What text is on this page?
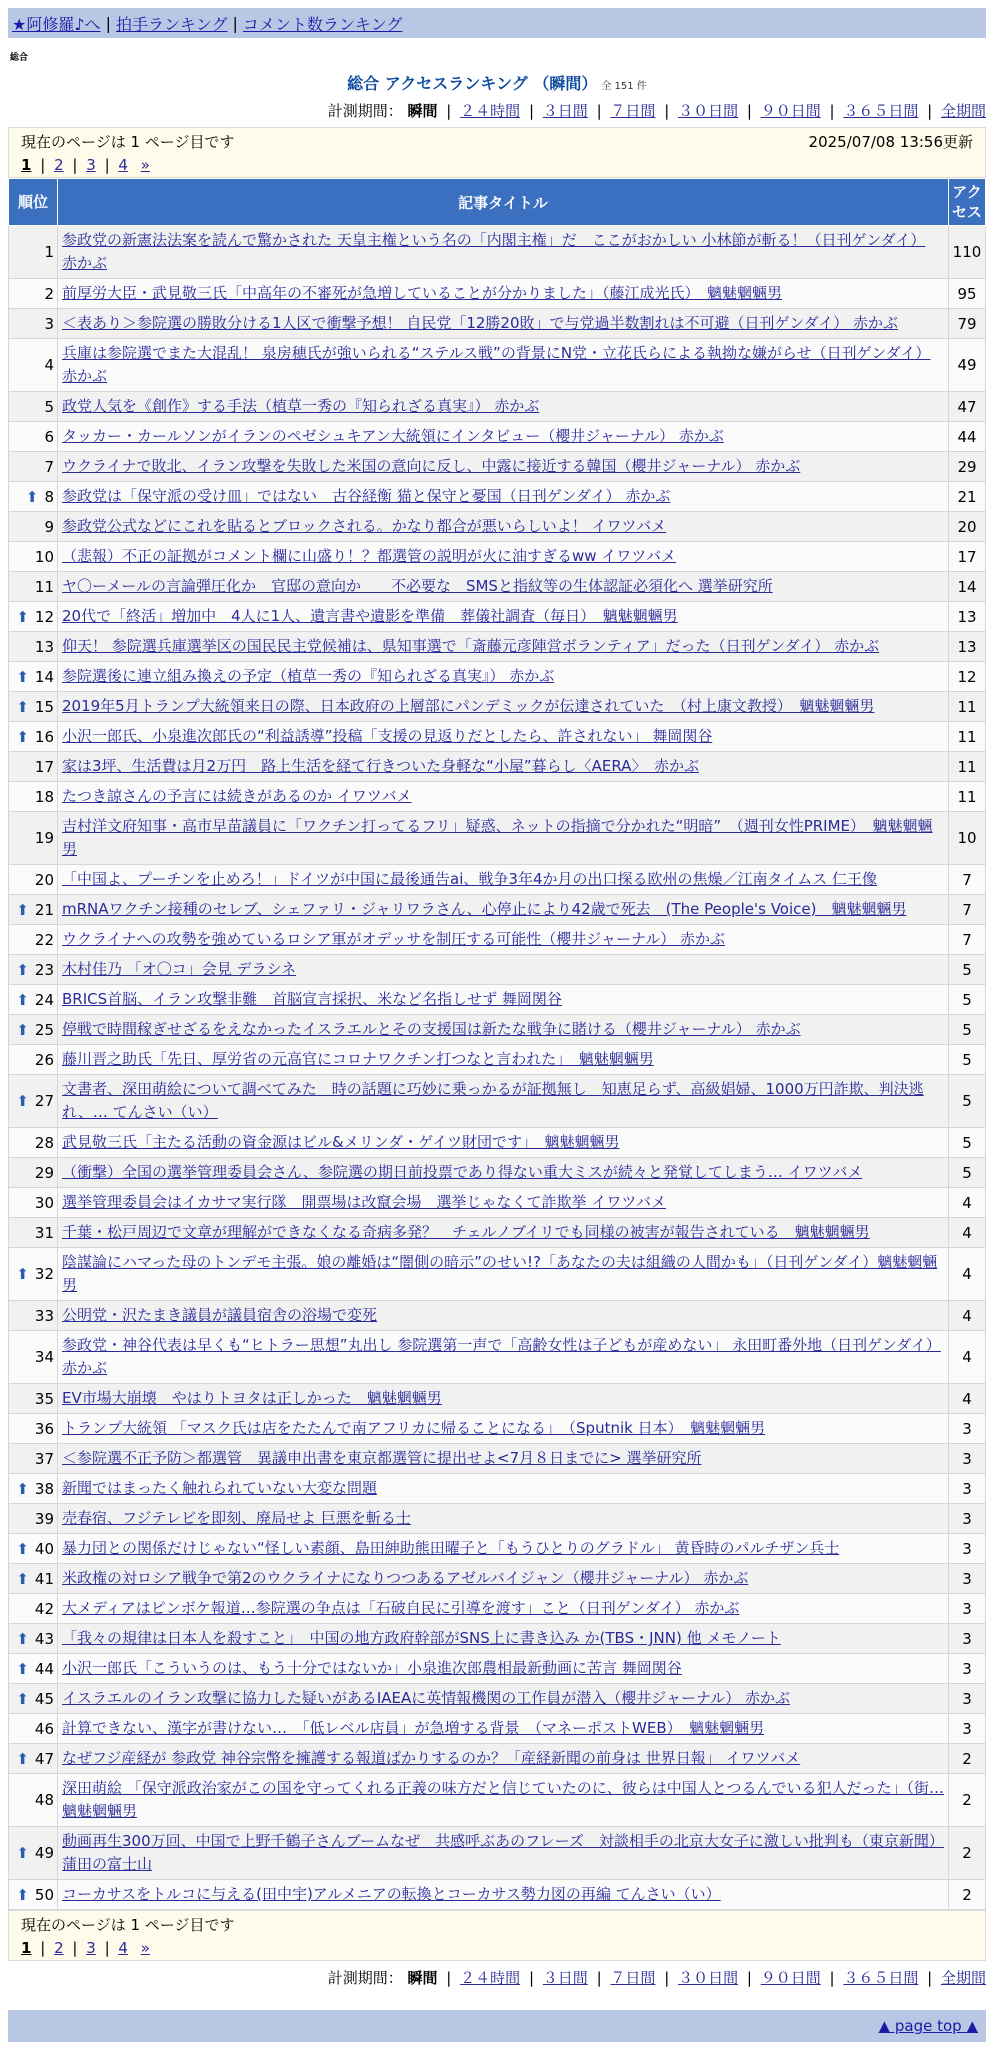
★阿修羅♪へ | 拍手ランキング | コメント数ランキング
総合
総合 アクセスランキング （瞬間） 全 151 件
計測期間： 瞬間 | ２４時間 | ３日間 | ７日間 | ３０日間 | ９０日間 | ３６５日間 | 全期間
現在のページは 1 ページ目です	2025/07/08 13:56更新
1 | 2 | 3 | 4 »
順位	記事タイトル	アクセス
1	参政党の新憲法法案を読んで驚かされた 天皇主権という名の「内閣主権」だ　ここがおかしい 小林節が斬る！（日刊ゲンダイ） 赤かぶ	110
2	前厚労大臣・武見敬三氏「中高年の不審死が急増していることが分かりました」（藤江成光氏）　魑魅魍魎男	95
3	＜表あり＞参院選の勝敗分ける1人区で衝撃予想！ 自民党「12勝20敗」で与党過半数割れは不可避（日刊ゲンダイ） 赤かぶ	79
4	兵庫は参院選でまた大混乱！ 泉房穂氏が強いられる“ステルス戦”の背景にN党・立花氏らによる執拗な嫌がらせ（日刊ゲンダイ） 赤かぶ	49
5	政党人気を《創作》する手法（植草一秀の『知られざる真実』） 赤かぶ	47
6	タッカー・カールソンがイランのペゼシュキアン大統領にインタビュー（櫻井ジャーナル） 赤かぶ	44
7	ウクライナで敗北、イラン攻撃を失敗した米国の意向に反し、中露に接近する韓国（櫻井ジャーナル） 赤かぶ	29
⬆ 8	参政党は「保守派の受け皿」ではない　古谷経衡 猫と保守と憂国（日刊ゲンダイ） 赤かぶ	21
9	参政党公式などにこれを貼るとブロックされる。かなり都合が悪いらしいよ！ イワツバメ	20
10	（悲報）不正の証拠がコメント欄に山盛り！？都選管の説明が火に油すぎるww イワツバメ	17
11	ヤ〇ーメールの言論弾圧化か　官邸の意向か　　不必要な　SMSと指紋等の生体認証必須化へ 選挙研究所	14
⬆ 12	20代で「終活」増加中　4人に1人、遺言書や遺影を準備　葬儀社調査（毎日）　魑魅魍魎男	13
13	仰天！ 参院選兵庫選挙区の国民民主党候補は、県知事選で「斎藤元彦陣営ボランティア」だった（日刊ゲンダイ） 赤かぶ	13
⬆ 14	参院選後に連立組み換えの予定（植草一秀の『知られざる真実』） 赤かぶ	12
⬆ 15	2019年5月トランプ大統領来日の際、日本政府の上層部にパンデミックが伝達されていた　（村上康文教授）　魑魅魍魎男	11
⬆ 16	小沢一郎氏、小泉進次郎氏の“利益誘導”投稿「支援の見返りだとしたら、許されない」 舞岡関谷	11
17	家は3坪、生活費は月2万円　路上生活を経て行きついた身軽な“小屋”暮らし〈AERA〉　赤かぶ	11
18	たつき諒さんの予言には続きがあるのか イワツバメ	11
19	吉村洋文府知事・高市早苗議員に「ワクチン打ってるフリ」疑惑、ネットの指摘で分かれた“明暗”　（週刊女性PRIME）　魑魅魍魎男	10
20	「中国よ、プーチンを止めろ！」ドイツが中国に最後通告ai、戦争3年4か月の出口探る欧州の焦燥／江南タイムス 仁王像	7
⬆ 21	mRNAワクチン接種のセレブ、シェファリ・ジャリワラさん、心停止により42歳で死去　(The People's Voice)　魑魅魍魎男	7
22	ウクライナへの攻勢を強めているロシア軍がオデッサを制圧する可能性（櫻井ジャーナル） 赤かぶ	7
⬆ 23	木村佳乃 「オ〇コ」会見 デラシネ	5
⬆ 24	BRICS首脳、イラン攻撃非難　首脳宣言採択、米など名指しせず 舞岡関谷	5
⬆ 25	停戦で時間稼ぎせざるをえなかったイスラエルとその支援国は新たな戦争に賭ける（櫻井ジャーナル） 赤かぶ	5
26	藤川晋之助氏「先日、厚労省の元高官にコロナワクチン打つなと言われた」　魑魅魍魎男	5
⬆ 27	文書者、深田萌絵について調べてみた　時の話題に巧妙に乗っかるが証拠無し　知恵足らず、高級娼婦、1000万円詐欺、判決逃れ、… てんさい（い）	5
28	武見敬三氏「主たる活動の資金源はビル&メリンダ・ゲイツ財団です」　魑魅魍魎男	5
29	（衝撃）全国の選挙管理委員会さん、参院選の期日前投票であり得ない重大ミスが続々と発覚してしまう… イワツバメ	5
30	選挙管理委員会はイカサマ実行隊　開票場は改竄会場　選挙じゃなくて詐欺挙 イワツバメ	4
31	千葉・松戸周辺で文章が理解ができなくなる奇病多発？　チェルノブイリでも同様の被害が報告されている　魑魅魍魎男	4
⬆ 32	陰謀論にハマった母のトンデモ主張。娘の離婚は“闇側の暗示”のせい!?「あなたの夫は組織の人間かも」（日刊ゲンダイ）魑魅魍魎男	4
33	公明党・沢たまき議員が議員宿舎の浴場で変死	4
34	参政党・神谷代表は早くも“ヒトラー思想”丸出し 参院選第一声で「高齢女性は子どもが産めない」 永田町番外地（日刊ゲンダイ） 赤かぶ	4
35	EV市場大崩壊　やはりトヨタは正しかった　魑魅魍魎男	4
36	トランプ大統領 「マスク氏は店をたたんで南アフリカに帰ることになる」　（Sputnik 日本）　魑魅魍魎男	3
37	＜参院選不正予防＞都選管　異議申出書を東京都選管に提出せよ<7月８日までに> 選挙研究所	3
⬆ 38	新聞ではまったく触れられていない大変な問題	3
39	売春宿、フジテレビを即刻、廃局せよ 巨悪を斬る士	3
⬆ 40	暴力団との関係だけじゃない“怪しい素顔、島田紳助熊田曜子と「もうひとりのグラドル」 黄昏時のパルチザン兵士	3
⬆ 41	米政権の対ロシア戦争で第2のウクライナになりつつあるアゼルバイジャン（櫻井ジャーナル） 赤かぶ	3
42	大メディアはピンボケ報道…参院選の争点は「石破自民に引導を渡す」こと（日刊ゲンダイ） 赤かぶ	3
⬆ 43	「我々の規律は日本人を殺すこと」　中国の地方政府幹部がSNS上に書き込み か(TBS・JNN) 他 メモノート	3
⬆ 44	小沢一郎氏「こういうのは、もう十分ではないか」小泉進次郎農相最新動画に苦言 舞岡関谷	3
⬆ 45	イスラエルのイラン攻撃に協力した疑いがあるIAEAに英情報機関の工作員が潜入（櫻井ジャーナル） 赤かぶ	3
46	計算できない、漢字が書けない…　「低レベル店員」が急増する背景　（マネーポストWEB）　魑魅魍魎男	3
⬆ 47	なぜフジ産経が 参政党 神谷宗幣を擁護する報道ばかりするのか？「産経新聞の前身は 世界日報」 イワツバメ	2
48	深田萌絵 「保守派政治家がこの国を守ってくれる正義の味方だと信じていたのに、彼らは中国人とつるんでいる犯人だった」（街… 魑魅魍魎男	2
⬆ 49	動画再生300万回、中国で上野千鶴子さんブームなぜ　共感呼ぶあのフレーズ　対談相手の北京大女子に激しい批判も（東京新聞） 蒲田の富士山	2
⬆ 50	コーカサスをトルコに与える(田中宇)アルメニアの転換とコーカサス勢力図の再編 てんさい（い）	2
現在のページは 1 ページ目です
1 | 2 | 3 | 4 »
計測期間： 瞬間 | ２４時間 | ３日間 | ７日間 | ３０日間 | ９０日間 | ３６５日間 | 全期間
▲ page top ▲
